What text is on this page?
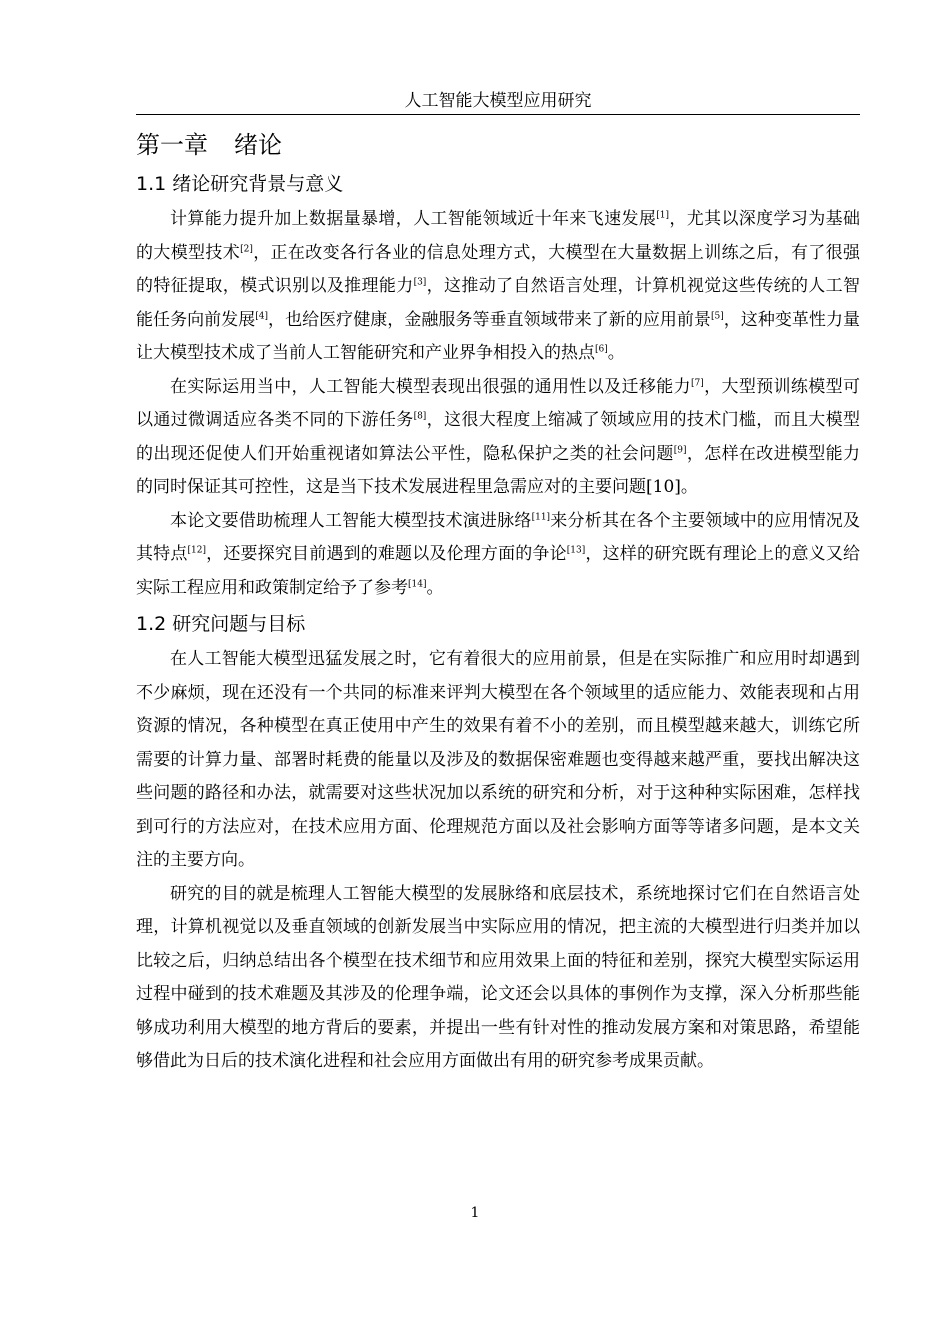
人工智能大模型应用研究
第一章 绪论
1.1 绪论研究背景与意义

计算能力提升加上数据量暴增，人工智能领域近十年来飞速发展[1]，尤其以深度学习为基础的大模型技术[2]，正在改变各行各业的信息处理方式，大模型在大量数据上训练之后，有了很强的特征提取，模式识别以及推理能力[3]，这推动了自然语言处理，计算机视觉这些传统的人工智能任务向前发展[4]，也给医疗健康，金融服务等垂直领域带来了新的应用前景[5]，这种变革性力量让大模型技术成了当前人工智能研究和产业界争相投入的热点[6]。

在实际运用当中，人工智能大模型表现出很强的通用性以及迁移能力[7]，大型预训练模型可以通过微调适应各类不同的下游任务[8]，这很大程度上缩减了领域应用的技术门槛，而且大模型的出现还促使人们开始重视诸如算法公平性，隐私保护之类的社会问题[9]，怎样在改进模型能力的同时保证其可控性，这是当下技术发展进程里急需应对的主要问题[10]。

本论文要借助梳理人工智能大模型技术演进脉络[11]来分析其在各个主要领域中的应用情况及其特点[12]，还要探究目前遇到的难题以及伦理方面的争论[13]，这样的研究既有理论上的意义又给实际工程应用和政策制定给予了参考[14]。

1.2 研究问题与目标

在人工智能大模型迅猛发展之时，它有着很大的应用前景，但是在实际推广和应用时却遇到不少麻烦，现在还没有一个共同的标准来评判大模型在各个领域里的适应能力、效能表现和占用资源的情况，各种模型在真正使用中产生的效果有着不小的差别，而且模型越来越大，训练它所需要的计算力量、部署时耗费的能量以及涉及的数据保密难题也变得越来越严重，要找出解决这些问题的路径和办法，就需要对这些状况加以系统的研究和分析，对于这种种实际困难，怎样找到可行的方法应对，在技术应用方面、伦理规范方面以及社会影响方面等等诸多问题，是本文关注的主要方向。

研究的目的就是梳理人工智能大模型的发展脉络和底层技术，系统地探讨它们在自然语言处理，计算机视觉以及垂直领域的创新发展当中实际应用的情况，把主流的大模型进行归类并加以比较之后，归纳总结出各个模型在技术细节和应用效果上面的特征和差别，探究大模型实际运用过程中碰到的技术难题及其涉及的伦理争端，论文还会以具体的事例作为支撑，深入分析那些能够成功利用大模型的地方背后的要素，并提出一些有针对性的推动发展方案和对策思路，希望能够借此为日后的技术演化进程和社会应用方面做出有用的研究参考成果贡献。

1
